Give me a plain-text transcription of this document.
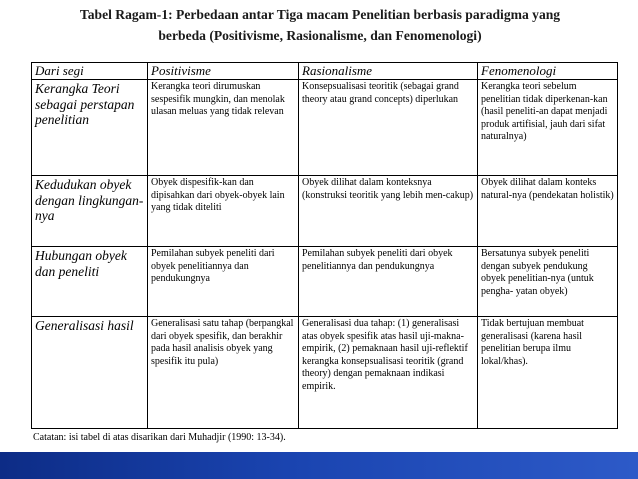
Tabel Ragam-1: Perbedaan antar Tiga macam Penelitian berbasis paradigma yang
berbeda (Positivisme, Rasionalisme, dan Fenomenologi)
Dari segi	Positivisme	Rasionalisme	Fenomenologi
Kerangka Teori sebagai perstapan penelitian	Kerangka teori dirumuskan sespesifik mungkin, dan menolak ulasan meluas yang tidak relevan	Konsepsualisasi teoritik (sebagai grand theory atau grand concepts) diperlukan	Kerangka teori sebelum penelitian tidak diperkenan-kan (hasil peneliti-an dapat menjadi produk artifisial, jauh dari sifat naturalnya)
Kedudukan obyek dengan lingkungan-nya	Obyek dispesifik-kan dan dipisahkan dari obyek-obyek lain yang tidak diteliti	Obyek dilihat dalam konteksnya (konstruksi teoritik yang lebih men-cakup)	Obyek dilihat dalam konteks natural-nya (pendekatan holistik)
Hubungan obyek dan peneliti	Pemilahan subyek peneliti dari obyek penelitiannya dan pendukungnya	Pemilahan subyek peneliti dari obyek penelitiannya dan pendukungnya	Bersatunya subyek peneliti dengan subyek pendukung obyek penelitian-nya (untuk pengha- yatan obyek)
Generalisasi hasil	Generalisasi satu tahap (berpangkal dari obyek spesifik, dan berakhir pada hasil analisis obyek yang spesifik itu pula)	Generalisasi dua tahap: (1) generalisasi atas obyek spesifik atas hasil uji-makna-empirik, (2) pemaknaan hasil uji-reflektif kerangka konsepsualisasi teoritik (grand theory) dengan pemaknaan indikasi empirik.	Tidak bertujuan membuat generalisasi (karena hasil penelitian berupa ilmu lokal/khas).
Catatan: isi tabel di atas disarikan dari Muhadjir (1990: 13-34).
